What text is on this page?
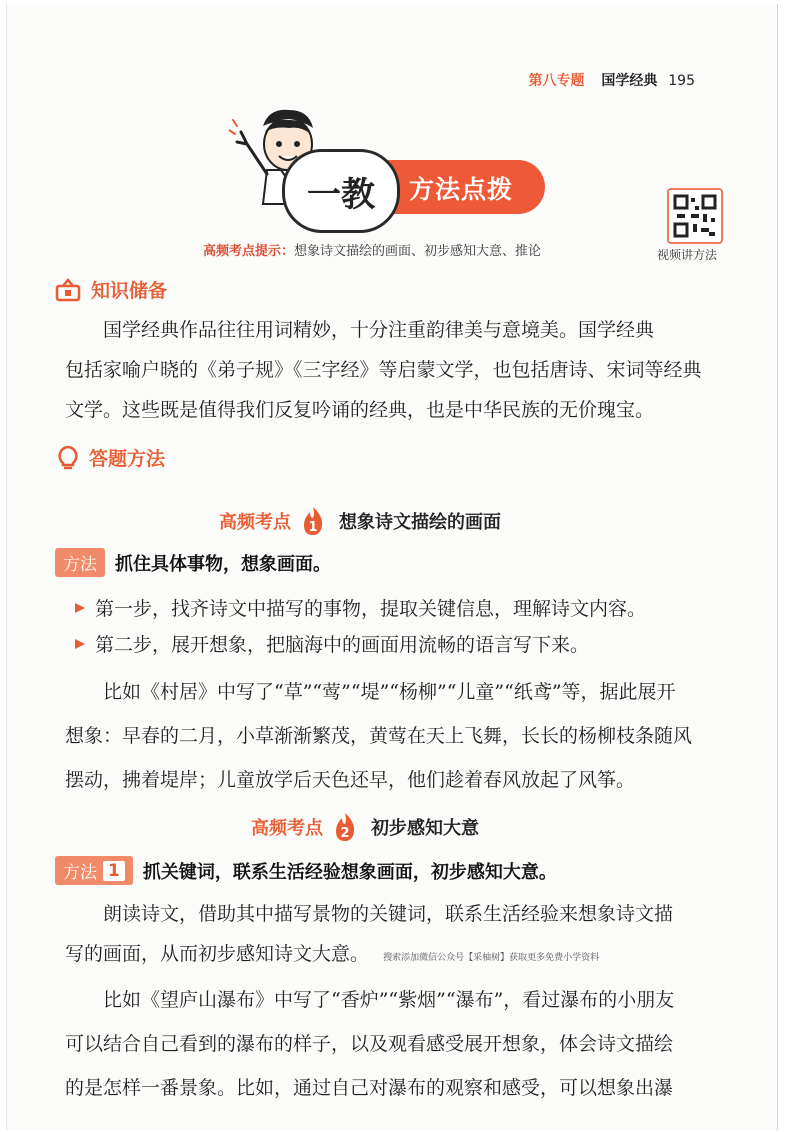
第八专题 国学经典 195
一教	方法点拨
高频考点提示：想象诗文描绘的画面、初步感知大意、推论	视频讲方法
知识储备

国学经典作品往往用词精妙，十分注重韵律美与意境美。国学经典

包括家喻户晓的《弟子规》《三字经》等启蒙文学，也包括唐诗、宋词等经典

文学。这些既是值得我们反复吟诵的经典，也是中华民族的无价瑰宝。

答题方法
高频考点 1 想象诗文描绘的画面
方法	抓住具体事物，想象画面。
第一步，找齐诗文中描写的事物，提取关键信息，理解诗文内容。
第二步，展开想象，把脑海中的画面用流畅的语言写下来。

比如《村居》中写了“草”“莺”“堤”“杨柳”“儿童”“纸鸢”等，据此展开

想象：早春的二月，小草渐渐繁茂，黄莺在天上飞舞，长长的杨柳枝条随风

摆动，拂着堤岸；儿童放学后天色还早，他们趁着春风放起了风筝。

高频考点 2 初步感知大意
方法 1 抓关键词，联系生活经验想象画面，初步感知大意。

朗读诗文，借助其中描写景物的关键词，联系生活经验来想象诗文描

写的画面，从而初步感知诗文大意。 搜索添加微信公众号【采柚树】获取更多免费小学资料

比如《望庐山瀑布》中写了“香炉”“紫烟”“瀑布”，看过瀑布的小朋友

可以结合自己看到的瀑布的样子，以及观看感受展开想象，体会诗文描绘

的是怎样一番景象。比如，通过自己对瀑布的观察和感受，可以想象出瀑
